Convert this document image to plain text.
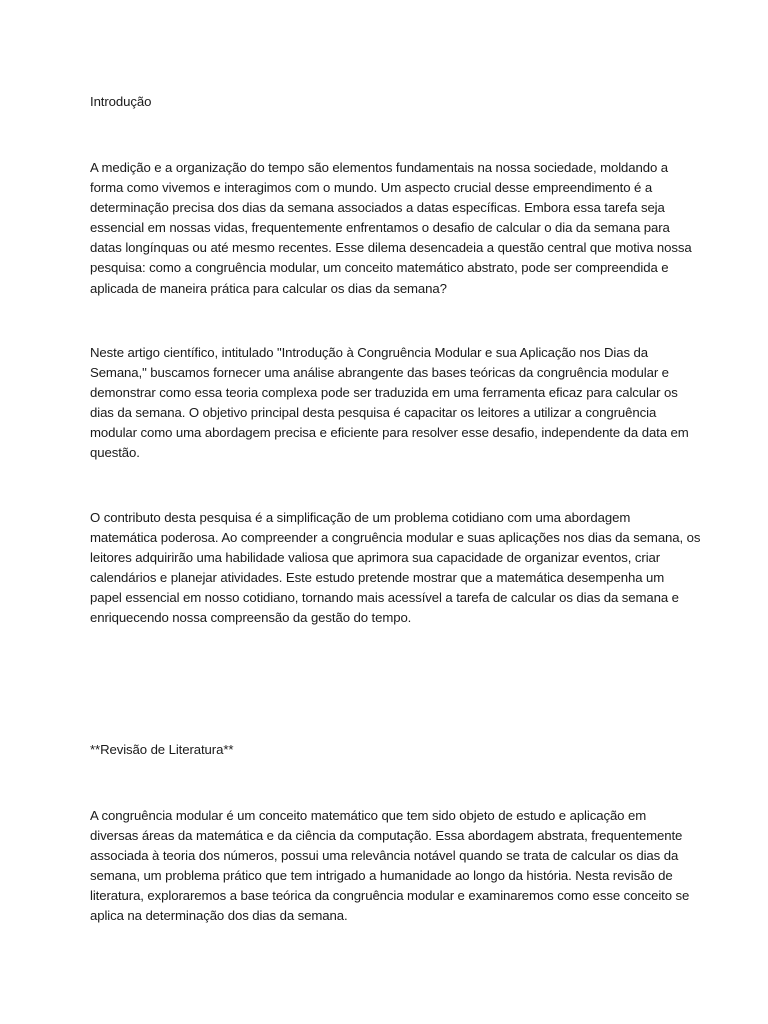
Introdução

A medição e a organização do tempo são elementos fundamentais na nossa sociedade, moldando a
forma como vivemos e interagimos com o mundo. Um aspecto crucial desse empreendimento é a
determinação precisa dos dias da semana associados a datas específicas. Embora essa tarefa seja
essencial em nossas vidas, frequentemente enfrentamos o desafio de calcular o dia da semana para
datas longínquas ou até mesmo recentes. Esse dilema desencadeia a questão central que motiva nossa
pesquisa: como a congruência modular, um conceito matemático abstrato, pode ser compreendida e
aplicada de maneira prática para calcular os dias da semana?

Neste artigo científico, intitulado "Introdução à Congruência Modular e sua Aplicação nos Dias da
Semana," buscamos fornecer uma análise abrangente das bases teóricas da congruência modular e
demonstrar como essa teoria complexa pode ser traduzida em uma ferramenta eficaz para calcular os
dias da semana. O objetivo principal desta pesquisa é capacitar os leitores a utilizar a congruência
modular como uma abordagem precisa e eficiente para resolver esse desafio, independente da data em
questão.

O contributo desta pesquisa é a simplificação de um problema cotidiano com uma abordagem
matemática poderosa. Ao compreender a congruência modular e suas aplicações nos dias da semana, os
leitores adquirirão uma habilidade valiosa que aprimora sua capacidade de organizar eventos, criar
calendários e planejar atividades. Este estudo pretende mostrar que a matemática desempenha um
papel essencial em nosso cotidiano, tornando mais acessível a tarefa de calcular os dias da semana e
enriquecendo nossa compreensão da gestão do tempo.

**Revisão de Literatura**

A congruência modular é um conceito matemático que tem sido objeto de estudo e aplicação em
diversas áreas da matemática e da ciência da computação. Essa abordagem abstrata, frequentemente
associada à teoria dos números, possui uma relevância notável quando se trata de calcular os dias da
semana, um problema prático que tem intrigado a humanidade ao longo da história. Nesta revisão de
literatura, exploraremos a base teórica da congruência modular e examinaremos como esse conceito se
aplica na determinação dos dias da semana.
